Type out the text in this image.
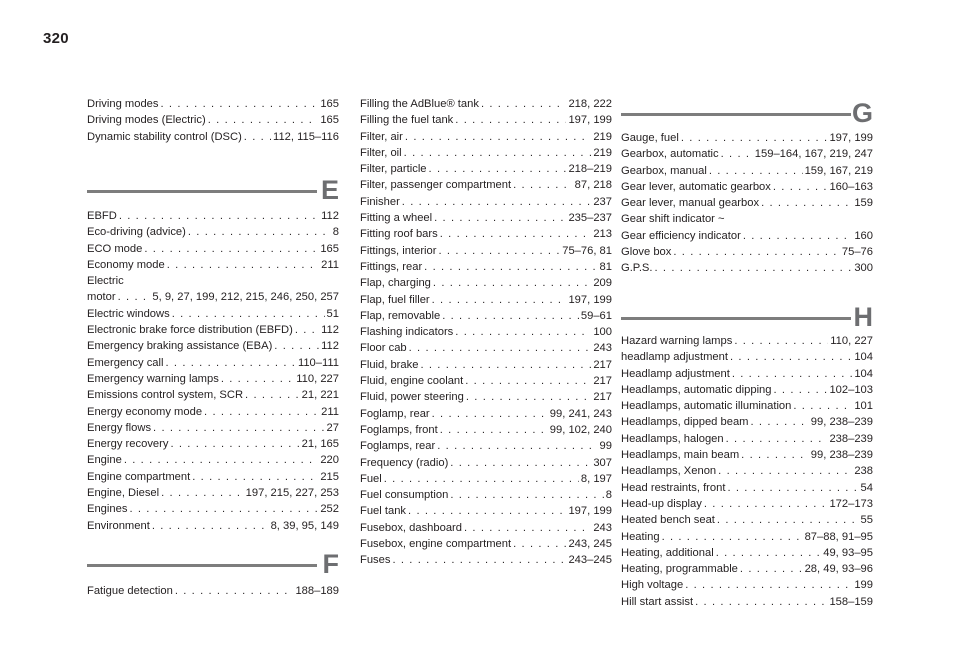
320
Driving modes . . .	165
Driving modes (Electric) . . .	165
Dynamic stability control (DSC) . . .	112, 115–116
E
EBFD . . .	112
Eco-driving (advice) . . .	8
ECO mode . . .	165
Economy mode . . .	211
Electric
motor . . .	5, 9, 27, 199, 212, 215, 246, 250, 257
Electric windows . . .	51
Electronic brake force distribution (EBFD) . . .	112
Emergency braking assistance (EBA) . . .	112
Emergency call . . .	110–111
Emergency warning lamps . . .	110, 227
Emissions control system, SCR . . .	21, 221
Energy economy mode . . .	211
Energy flows . . .	27
Energy recovery . . .	21, 165
Engine . . .	220
Engine compartment . . .	215
Engine, Diesel . . .	197, 215, 227, 253
Engines . . .	252
Environment . . .	8, 39, 95, 149
F
Fatigue detection . . .	188–189
Filling the AdBlue® tank . . .	218, 222
Filling the fuel tank . . .	197, 199
Filter, air . . .	219
Filter, oil . . .	219
Filter, particle . . .	218–219
Filter, passenger compartment . . .	87, 218
Finisher . . .	237
Fitting a wheel . . .	235–237
Fitting roof bars . . .	213
Fittings, interior . . .	75–76, 81
Fittings, rear . . .	81
Flap, charging . . .	209
Flap, fuel filler . . .	197, 199
Flap, removable . . .	59–61
Flashing indicators . . .	100
Floor cab . . .	243
Fluid, brake . . .	217
Fluid, engine coolant . . .	217
Fluid, power steering . . .	217
Foglamp, rear . . .	99, 241, 243
Foglamps, front . . .	99, 102, 240
Foglamps, rear . . .	99
Frequency (radio) . . .	307
Fuel . . .	8, 197
Fuel consumption . . .	8
Fuel tank . . .	197, 199
Fusebox, dashboard . . .	243
Fusebox, engine compartment . . .	243, 245
Fuses . . .	243–245
G
Gauge, fuel . . .	197, 199
Gearbox, automatic . . .	159–164, 167, 219, 247
Gearbox, manual . . .	159, 167, 219
Gear lever, automatic gearbox . . .	160–163
Gear lever, manual gearbox . . .	159
Gear shift indicator ~
Gear efficiency indicator . . .	160
Glove box . . .	75–76
G.P.S. . . .	300
H
Hazard warning lamps . . .	110, 227
headlamp adjustment . . .	104
Headlamp adjustment . . .	104
Headlamps, automatic dipping . . .	102–103
Headlamps, automatic illumination . . .	101
Headlamps, dipped beam . . .	99, 238–239
Headlamps, halogen . . .	238–239
Headlamps, main beam . . .	99, 238–239
Headlamps, Xenon . . .	238
Head restraints, front . . .	54
Head-up display . . .	172–173
Heated bench seat . . .	55
Heating . . .	87–88, 91–95
Heating, additional . . .	49, 93–95
Heating, programmable . . .	28, 49, 93–96
High voltage . . .	199
Hill start assist . . .	158–159
